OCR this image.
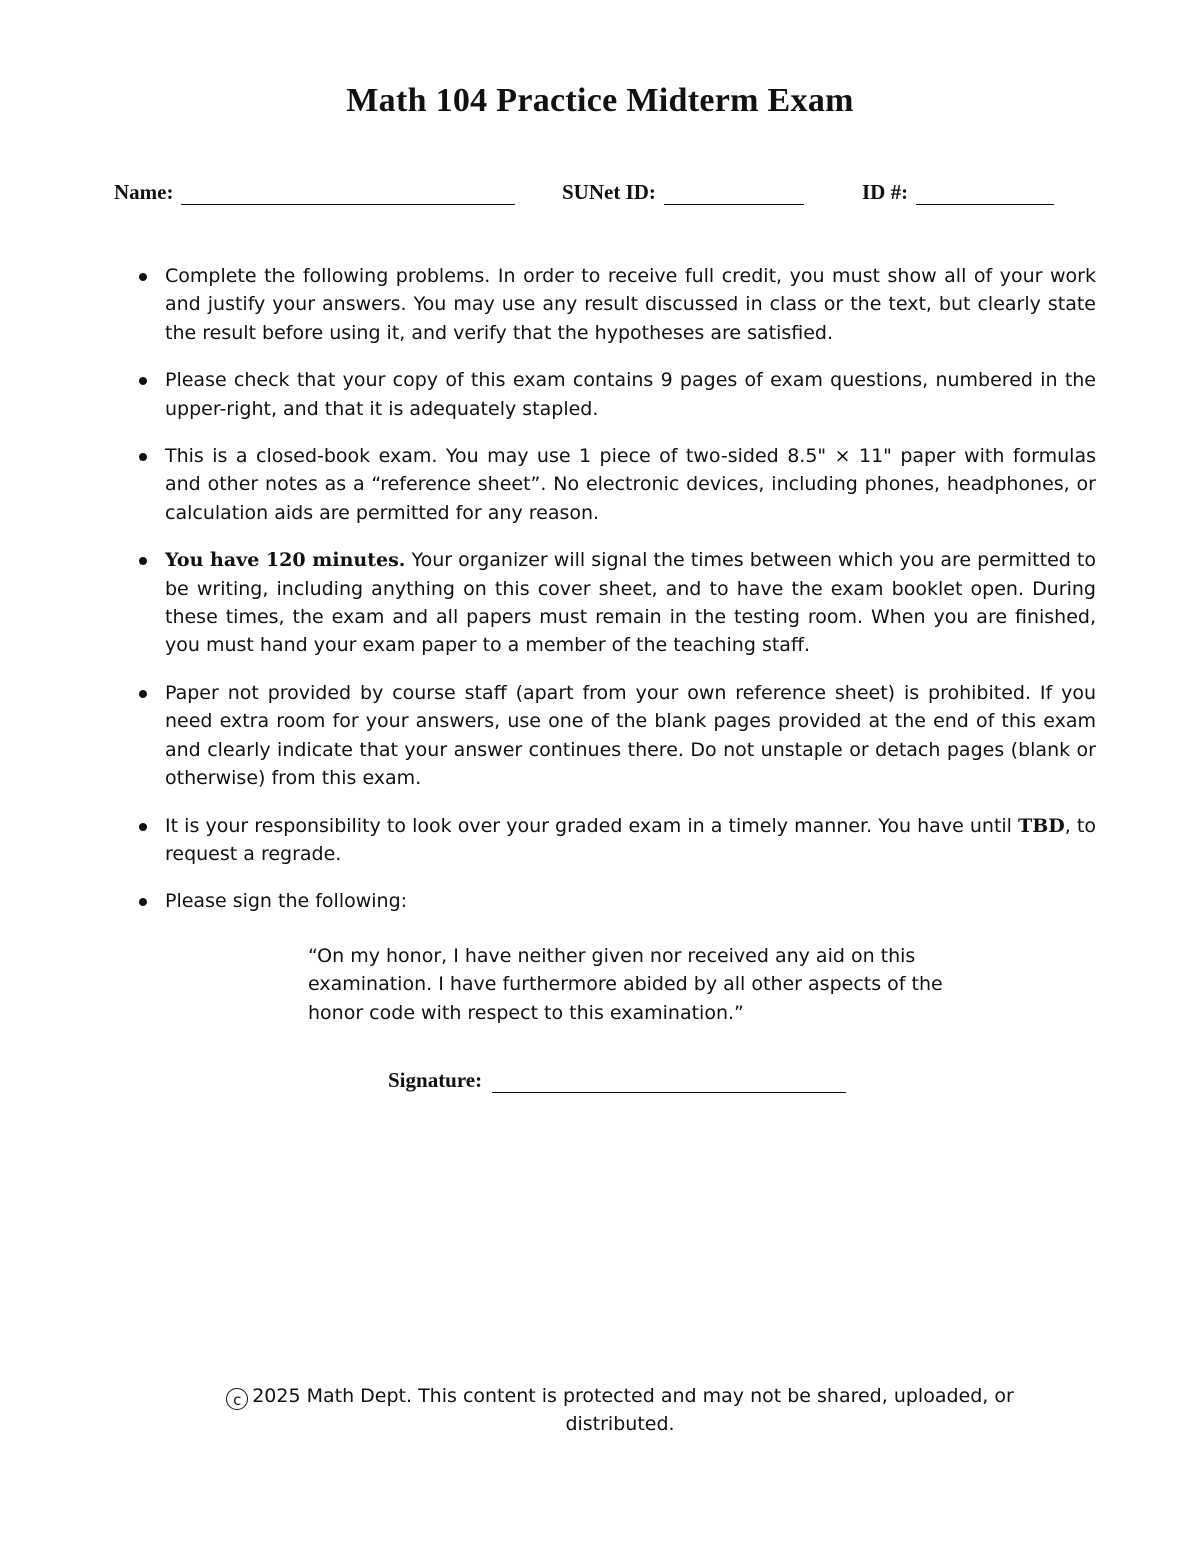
Math 104 Practice Midterm Exam
Name:	SUNet ID:	ID #:
Complete the following problems. In order to receive full credit, you must show all of your work and justify your answers. You may use any result discussed in class or the text, but clearly state the result before using it, and verify that the hypotheses are satisfied.
Please check that your copy of this exam contains 9 pages of exam questions, numbered in the upper-right, and that it is adequately stapled.
This is a closed-book exam. You may use 1 piece of two-sided 8.5" × 11" paper with formulas and other notes as a “reference sheet”. No electronic devices, including phones, headphones, or calculation aids are permitted for any reason.
You have 120 minutes. Your organizer will signal the times between which you are permitted to be writing, including anything on this cover sheet, and to have the exam booklet open. During these times, the exam and all papers must remain in the testing room. When you are finished, you must hand your exam paper to a member of the teaching staff.
Paper not provided by course staff (apart from your own reference sheet) is prohibited. If you need extra room for your answers, use one of the blank pages provided at the end of this exam and clearly indicate that your answer continues there. Do not unstaple or detach pages (blank or otherwise) from this exam.
It is your responsibility to look over your graded exam in a timely manner. You have until TBD, to request a regrade.
Please sign the following:
“On my honor, I have neither given nor received any aid on this examination. I have furthermore abided by all other aspects of the honor code with respect to this examination.”
Signature:
c 2025 Math Dept. This content is protected and may not be shared, uploaded, or distributed.
